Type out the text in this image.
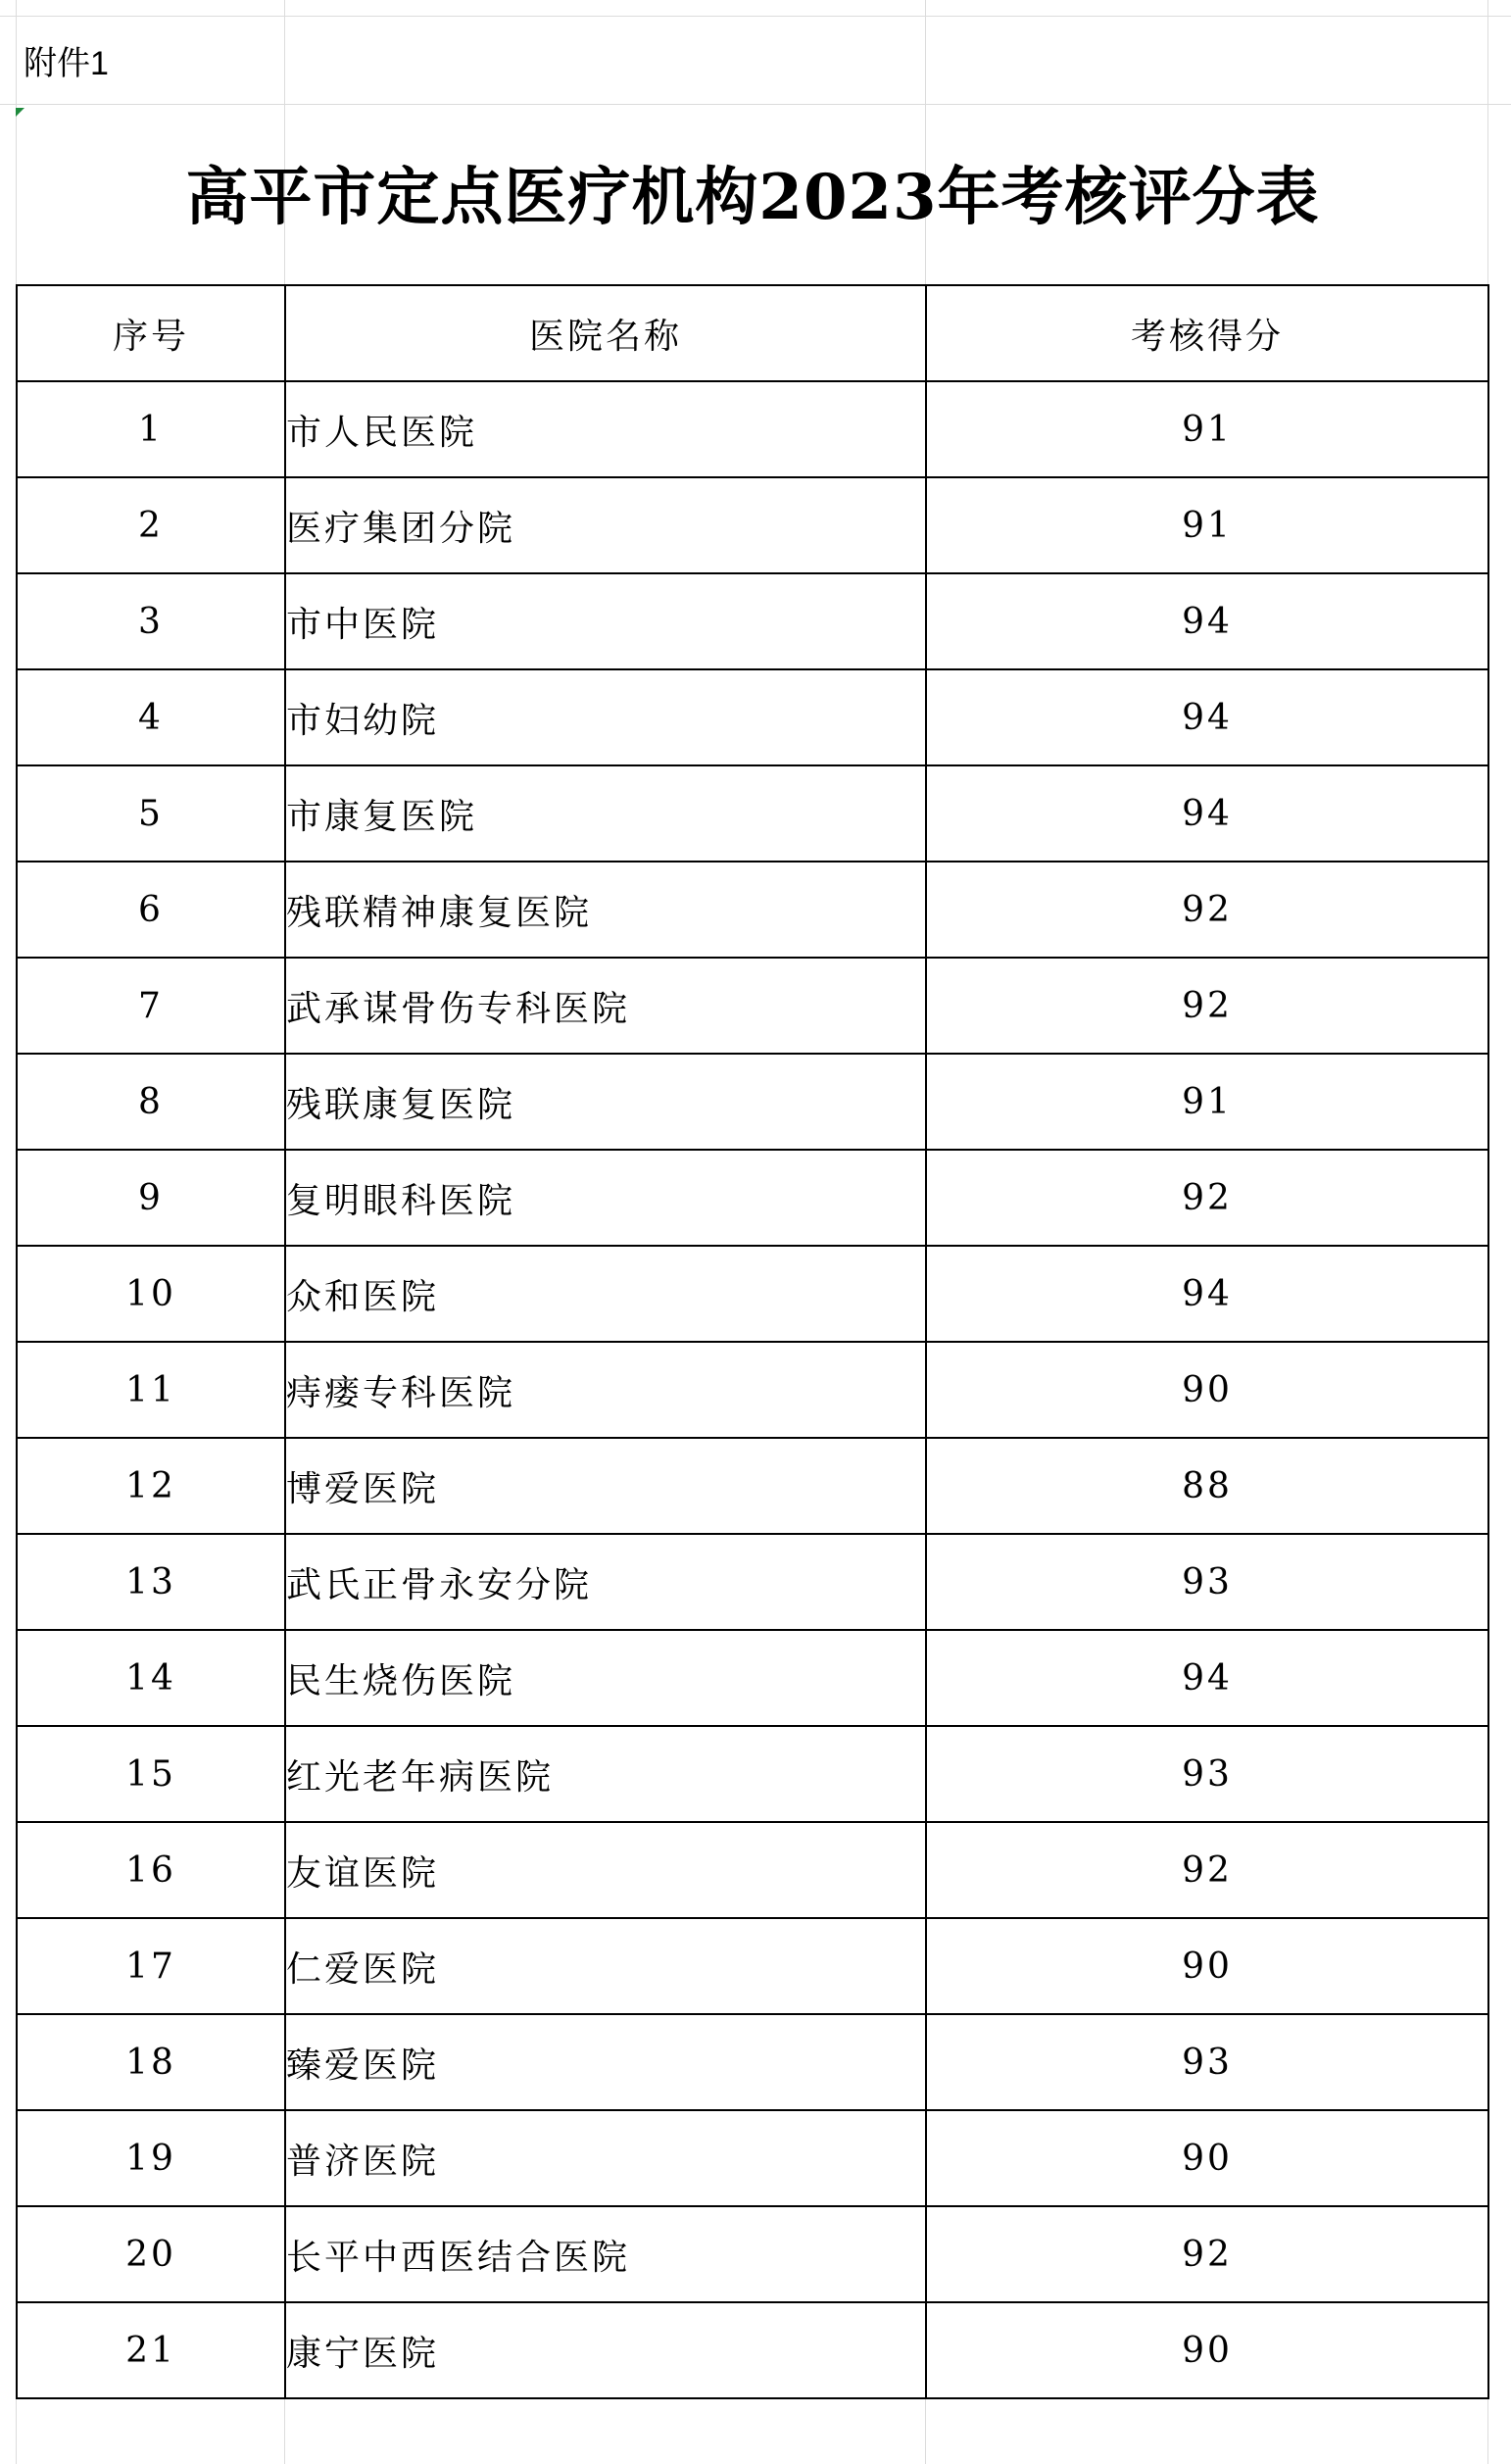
附件1
高平市定点医疗机构2023年考核评分表
序号	医院名称	考核得分
1	市人民医院	91
2	医疗集团分院	91
3	市中医院	94
4	市妇幼院	94
5	市康复医院	94
6	残联精神康复医院	92
7	武承谋骨伤专科医院	92
8	残联康复医院	91
9	复明眼科医院	92
10	众和医院	94
11	痔瘘专科医院	90
12	博爱医院	88
13	武氏正骨永安分院	93
14	民生烧伤医院	94
15	红光老年病医院	93
16	友谊医院	92
17	仁爱医院	90
18	臻爱医院	93
19	普济医院	90
20	长平中西医结合医院	92
21	康宁医院	90
